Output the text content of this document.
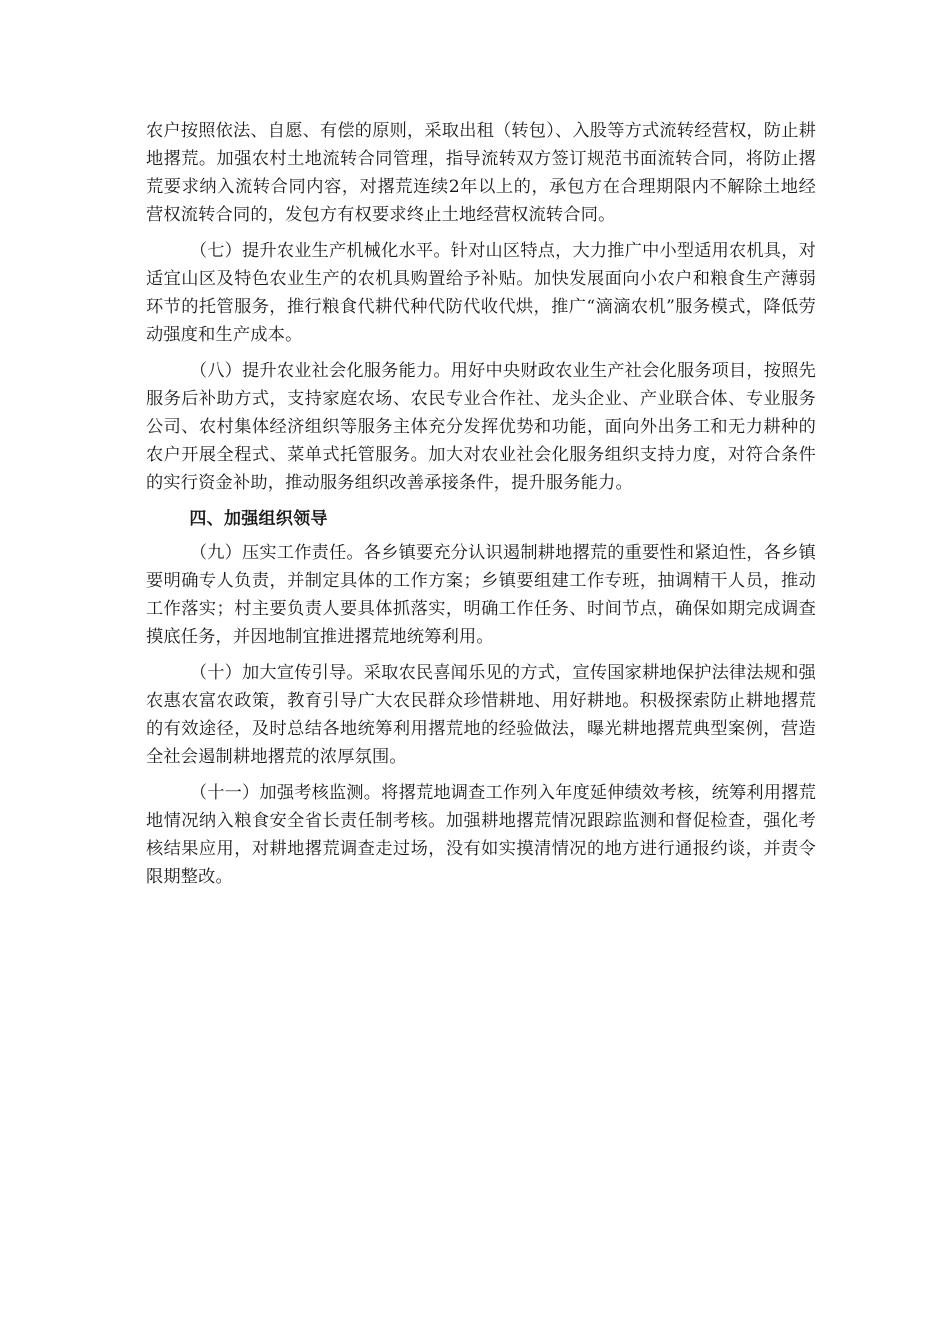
农户按照依法、自愿、有偿的原则，采取出租（转包）、入股等方式流转经营权，防止耕地撂荒。加强农村土地流转合同管理，指导流转双方签订规范书面流转合同，将防止撂荒要求纳入流转合同内容，对撂荒连续2年以上的，承包方在合理期限内不解除土地经营权流转合同的，发包方有权要求终止土地经营权流转合同。

（七）提升农业生产机械化水平。针对山区特点，大力推广中小型适用农机具，对适宜山区及特色农业生产的农机具购置给予补贴。加快发展面向小农户和粮食生产薄弱环节的托管服务，推行粮食代耕代种代防代收代烘，推广“滴滴农机”服务模式，降低劳动强度和生产成本。

（八）提升农业社会化服务能力。用好中央财政农业生产社会化服务项目，按照先服务后补助方式，支持家庭农场、农民专业合作社、龙头企业、产业联合体、专业服务公司、农村集体经济组织等服务主体充分发挥优势和功能，面向外出务工和无力耕种的农户开展全程式、菜单式托管服务。加大对农业社会化服务组织支持力度，对符合条件的实行资金补助，推动服务组织改善承接条件，提升服务能力。

四、加强组织领导

（九）压实工作责任。各乡镇要充分认识遏制耕地撂荒的重要性和紧迫性，各乡镇要明确专人负责，并制定具体的工作方案；乡镇要组建工作专班，抽调精干人员，推动工作落实；村主要负责人要具体抓落实，明确工作任务、时间节点，确保如期完成调查摸底任务，并因地制宜推进撂荒地统筹利用。

（十）加大宣传引导。采取农民喜闻乐见的方式，宣传国家耕地保护法律法规和强农惠农富农政策，教育引导广大农民群众珍惜耕地、用好耕地。积极探索防止耕地撂荒的有效途径，及时总结各地统筹利用撂荒地的经验做法，曝光耕地撂荒典型案例，营造全社会遏制耕地撂荒的浓厚氛围。

（十一）加强考核监测。将撂荒地调查工作列入年度延伸绩效考核，统筹利用撂荒地情况纳入粮食安全省长责任制考核。加强耕地撂荒情况跟踪监测和督促检查，强化考核结果应用，对耕地撂荒调查走过场，没有如实摸清情况的地方进行通报约谈，并责令限期整改。
